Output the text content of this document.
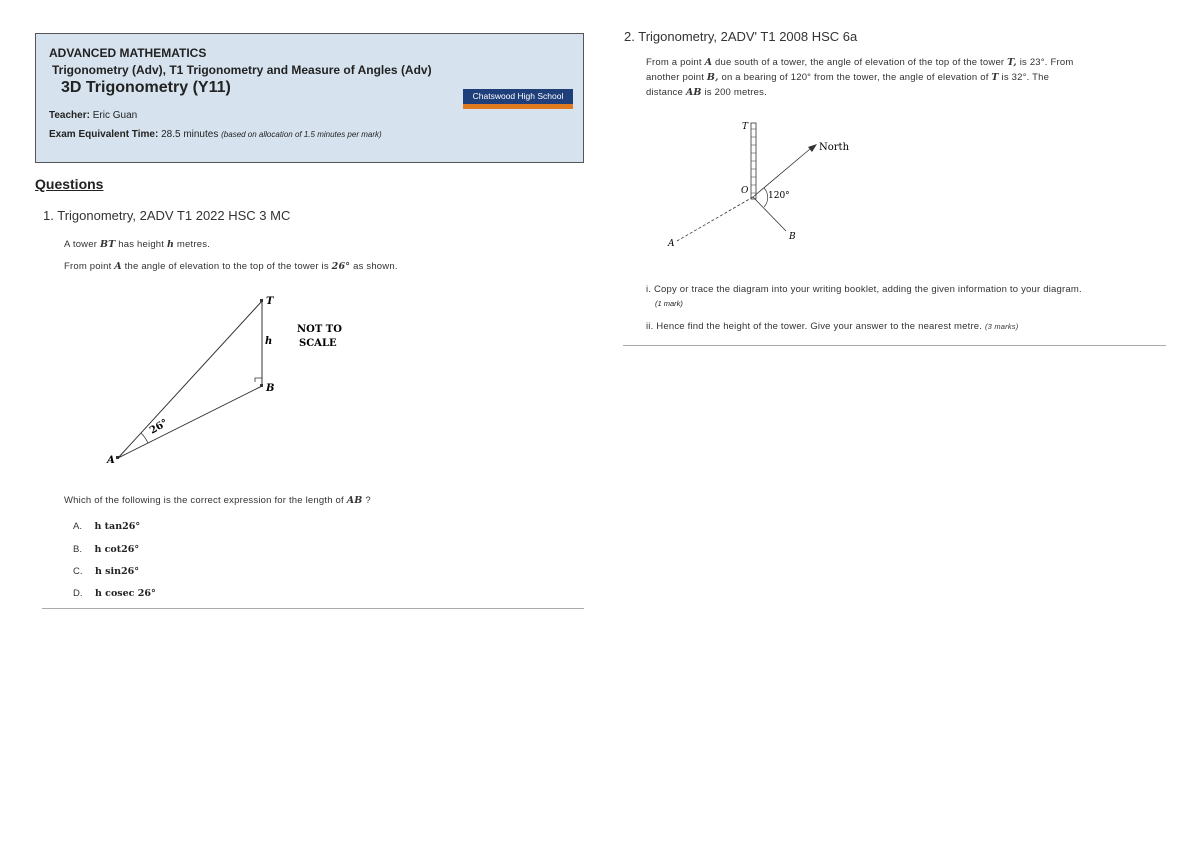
ADVANCED MATHEMATICS
Trigonometry (Adv), T1 Trigonometry and Measure of Angles (Adv)
3D Trigonometry (Y11)
Teacher: Eric Guan
Exam Equivalent Time: 28.5 minutes (based on allocation of 1.5 minutes per mark)
Chatswood High School
Questions
1. Trigonometry, 2ADV T1 2022 HSC 3 MC
A tower BT has height h metres.
From point A the angle of elevation to the top of the tower is 26° as shown.
T
h
B
A
26°
NOT TO
SCALE
Which of the following is the correct expression for the length of AB ?
A. h tan26°
B. h cot26°
C. h sin26°
D. h cosec 26°
2. Trigonometry, 2ADV' T1 2008 HSC 6a
From a point A due south of a tower, the angle of elevation of the top of the tower T, is 23°. From
another point B, on a bearing of 120° from the tower, the angle of elevation of T is 32°. The
distance AB is 200 metres.
T
O 120°
North
A
B
i. Copy or trace the diagram into your writing booklet, adding the given information to your diagram.
(1 mark)
ii. Hence find the height of the tower. Give your answer to the nearest metre. (3 marks)
